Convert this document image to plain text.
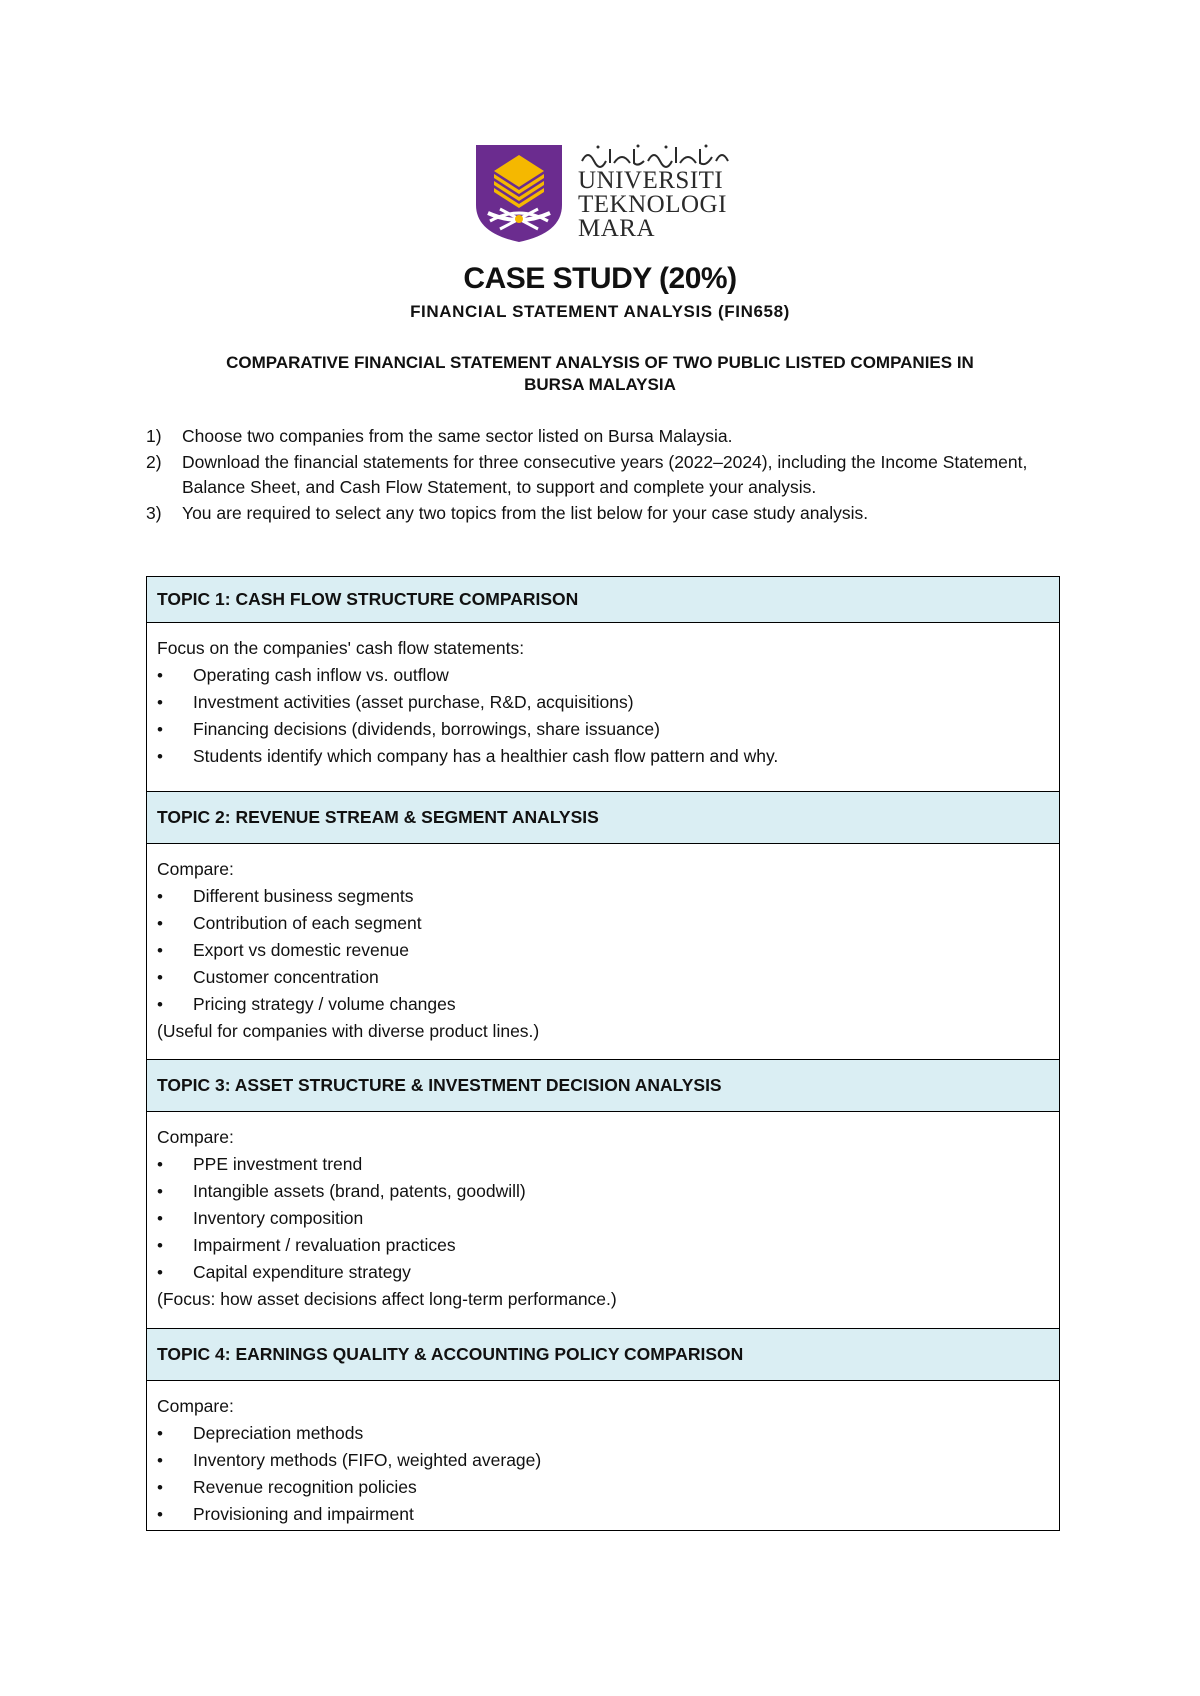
UNIVERSITI
TEKNOLOGI
MARA
CASE STUDY (20%)
FINANCIAL STATEMENT ANALYSIS (FIN658)
COMPARATIVE FINANCIAL STATEMENT ANALYSIS OF TWO PUBLIC LISTED COMPANIES IN
BURSA MALAYSIA
1) Choose two companies from the same sector listed on Bursa Malaysia.
2) Download the financial statements for three consecutive years (2022–2024), including the Income Statement, Balance Sheet, and Cash Flow Statement, to support and complete your analysis.
3) You are required to select any two topics from the list below for your case study analysis.
TOPIC 1: CASH FLOW STRUCTURE COMPARISON
Focus on the companies' cash flow statements:
• Operating cash inflow vs. outflow
• Investment activities (asset purchase, R&D, acquisitions)
• Financing decisions (dividends, borrowings, share issuance)
• Students identify which company has a healthier cash flow pattern and why.
TOPIC 2: REVENUE STREAM & SEGMENT ANALYSIS
Compare:
• Different business segments
• Contribution of each segment
• Export vs domestic revenue
• Customer concentration
• Pricing strategy / volume changes
(Useful for companies with diverse product lines.)
TOPIC 3: ASSET STRUCTURE & INVESTMENT DECISION ANALYSIS
Compare:
• PPE investment trend
• Intangible assets (brand, patents, goodwill)
• Inventory composition
• Impairment / revaluation practices
• Capital expenditure strategy
(Focus: how asset decisions affect long-term performance.)
TOPIC 4: EARNINGS QUALITY & ACCOUNTING POLICY COMPARISON
Compare:
• Depreciation methods
• Inventory methods (FIFO, weighted average)
• Revenue recognition policies
• Provisioning and impairment
